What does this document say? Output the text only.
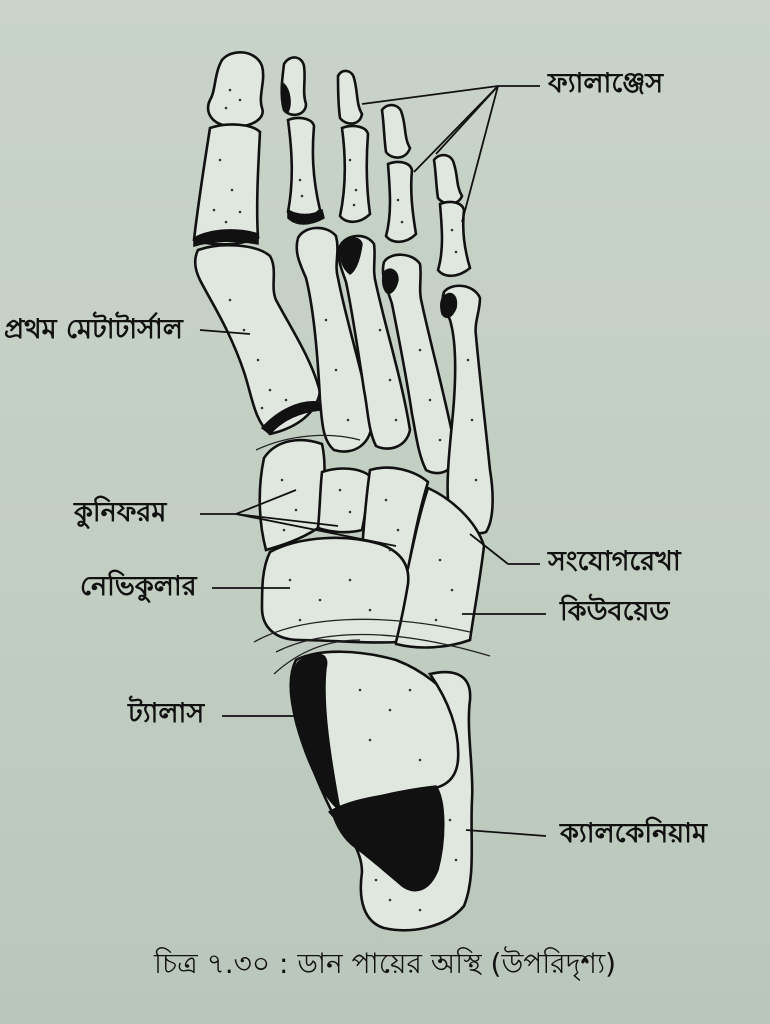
ফ্যালাঞ্জেস
প্রথম মেটাটার্সাল
কুনিফরম
সংযোগরেখা
নেভিকুলার
কিউবয়েড
ট্যালাস
ক্যালকেনিয়াম
চিত্র ৭.৩০ : ডান পায়ের অস্থি (উপরিদৃশ্য)
